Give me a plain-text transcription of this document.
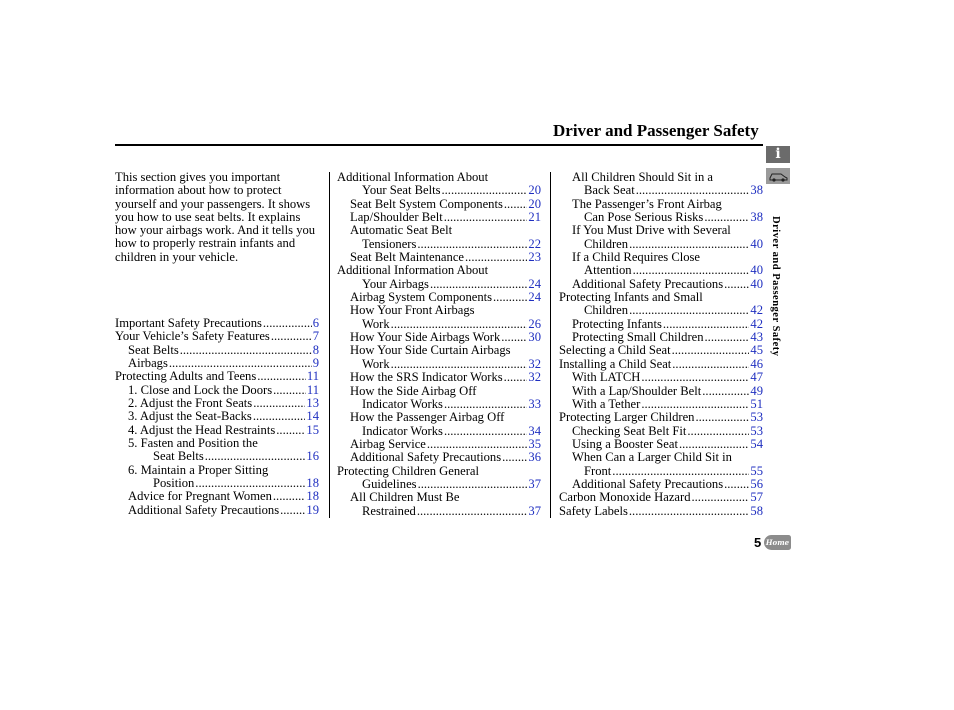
Driver and Passenger Safety
This section gives you important information about how to protect yourself and your passengers. It shows you how to use seat belts. It explains how your airbags work. And it tells you how to properly restrain infants and children in your vehicle.
Important Safety Precautions .....	6
Your Vehicle’s Safety Features .....	7
Seat Belts .....	8
Airbags .....	9
Protecting Adults and Teens .....	11
1. Close and Lock the Doors .....	11
2. Adjust the Front Seats .....	13
3. Adjust the Seat-Backs .....	14
4. Adjust the Head Restraints ..... 15
5. Fasten and Position the
Seat Belts .....	16
6. Maintain a Proper Sitting
Position .....	18
Advice for Pregnant Women .....	18
Additional Safety Precautions ..... 19
Additional Information About
Your Seat Belts .....	20
Seat Belt System Components ..... 20
Lap/Shoulder Belt .....	21
Automatic Seat Belt
Tensioners .....	22
Seat Belt Maintenance .....	23
Additional Information About
Your Airbags .....	24
Airbag System Components .....	24
How Your Front Airbags
Work .....	26
How Your Side Airbags Work ..... 30
How Your Side Curtain Airbags
Work .....	32
How the SRS Indicator Works ..... 32
How the Side Airbag Off
Indicator Works .....	33
How the Passenger Airbag Off
Indicator Works .....	34
Airbag Service .....	35
Additional Safety Precautions ..... 36
Protecting Children General
Guidelines .....	37
All Children Must Be
Restrained .....	37
All Children Should Sit in a
Back Seat .....	38
The Passenger’s Front Airbag
Can Pose Serious Risks .....	38
If You Must Drive with Several
Children .....	40
If a Child Requires Close
Attention .....	40
Additional Safety Precautions ..... 40
Protecting Infants and Small
Children .....	42
Protecting Infants .....	42
Protecting Small Children .....	43
Selecting a Child Seat .....	45
Installing a Child Seat .....	46
With LATCH .....	47
With a Lap/Shoulder Belt .....	49
With a Tether .....	51
Protecting Larger Children .....	53
Checking Seat Belt Fit .....	53
Using a Booster Seat .....	54
When Can a Larger Child Sit in
Front .....	55
Additional Safety Precautions ..... 56
Carbon Monoxide Hazard .....	57
Safety Labels .....	58
i
Driver and Passenger Safety
5 Home
